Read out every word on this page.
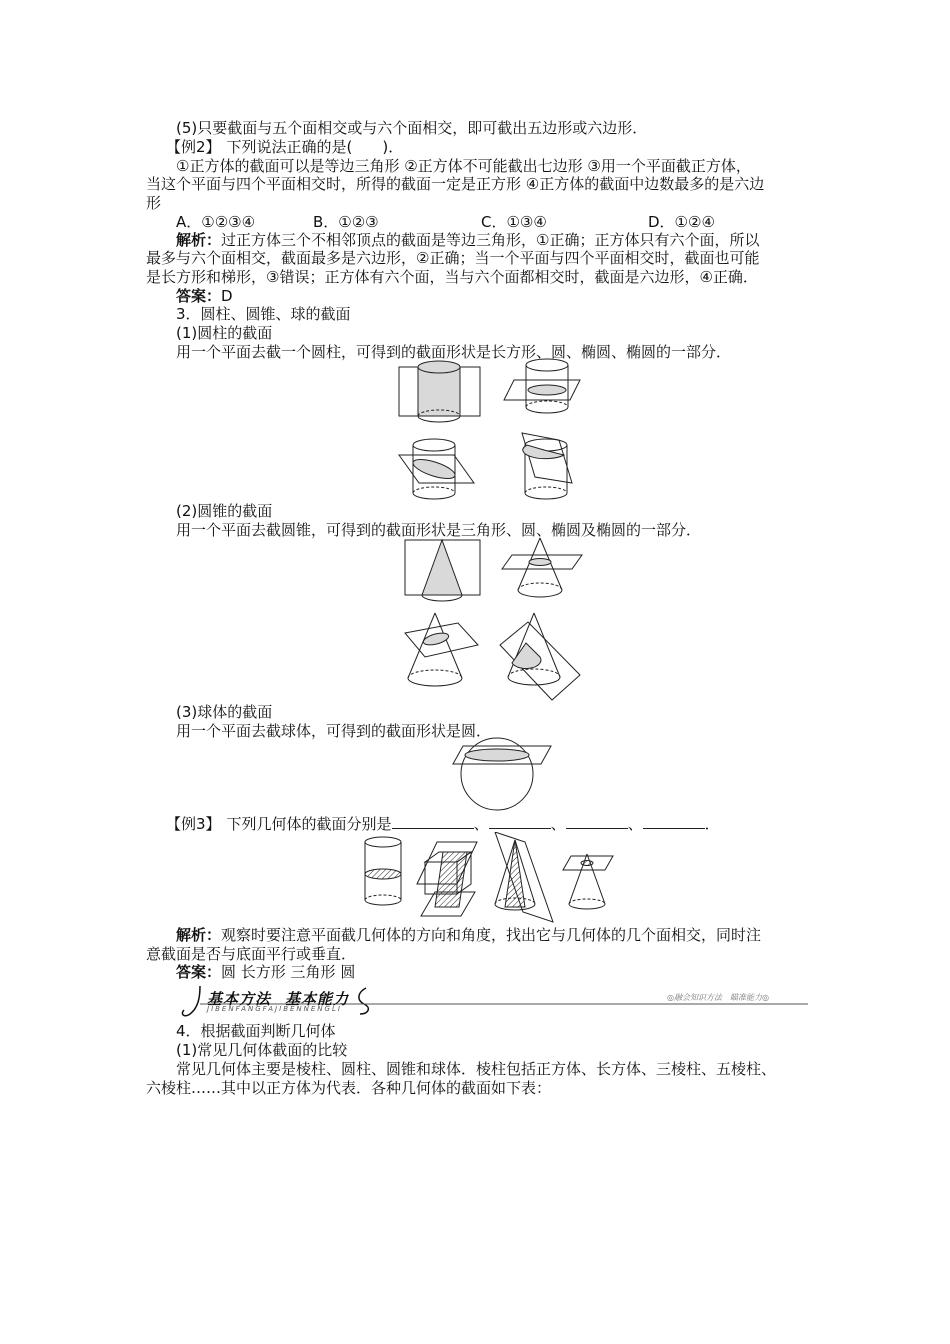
(5)只要截面与五个面相交或与六个面相交，即可截出五边形或六边形．
【例2】 下列说法正确的是(　　)．
①正方体的截面可以是等边三角形 ②正方体不可能截出七边形 ③用一个平面截正方体，
当这个平面与四个平面相交时，所得的截面一定是正方形 ④正方体的截面中边数最多的是六边
形
A．①②③④	B．①②③	C．①③④	D．①②④
解析：过正方体三个不相邻顶点的截面是等边三角形，①正确；正方体只有六个面，所以
最多与六个面相交，截面最多是六边形，②正确；当一个平面与四个平面相交时，截面也可能
是长方形和梯形，③错误；正方体有六个面，当与六个面都相交时，截面是六边形，④正确．
答案：D
3．圆柱、圆锥、球的截面
(1)圆柱的截面
用一个平面去截一个圆柱，可得到的截面形状是长方形、圆、椭圆、椭圆的一部分．
(2)圆锥的截面
用一个平面去截圆锥，可得到的截面形状是三角形、圆、椭圆及椭圆的一部分．
(3)球体的截面
用一个平面去截球体，可得到的截面形状是圆．
【例3】 下列几何体的截面分别是	、	、	、	．
解析：观察时要注意平面截几何体的方向和角度，找出它与几何体的几个面相交，同时注
意截面是否与底面平行或垂直．
答案：圆 长方形 三角形 圆
基本方法 基本能力
JIBENFANGFAJIBENNENGLI
◎融会知识方法　瞄准能力◎
4．根据截面判断几何体
(1)常见几何体截面的比较
常见几何体主要是棱柱、圆柱、圆锥和球体．棱柱包括正方体、长方体、三棱柱、五棱柱、
六棱柱……其中以正方体为代表．各种几何体的截面如下表：
